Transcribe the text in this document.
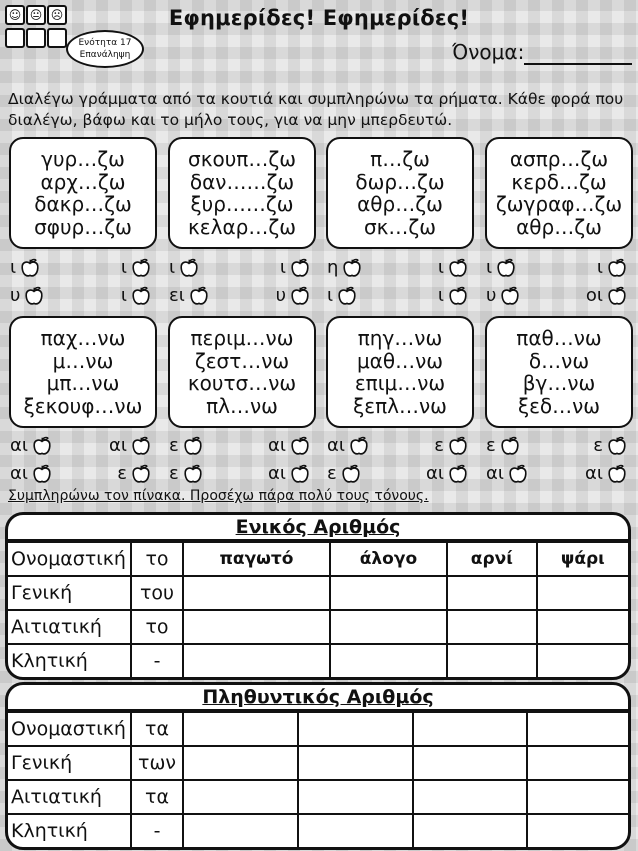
☺ 😐 ☹	Εφημερίδες! Εφημερίδες!
Ενότητα 17
Επανάληψη	Όνομα:
Διαλέγω γράμματα από τα κουτιά και συμπληρώνω τα ρήματα. Κάθε φορά που διαλέγω, βάφω και το μήλο τους, για να μην μπερδευτώ.
γυρ…ζω
αρχ…ζω
δακρ…ζω
σφυρ…ζω
ι	ι
υ	ι
σκουπ…ζω
δαν……ζω
ξυρ……ζω
κελαρ…ζω
ι	ι
ει	υ
π…ζω
δωρ…ζω
αθρ…ζω
σκ…ζω
η	ι
ι	ι
ασπρ…ζω
κερδ…ζω
ζωγραφ…ζω
αθρ…ζω
ι	ι
υ	οι
παχ…νω
μ…νω
μπ…νω
ξεκουφ…νω
αι	αι
αι	ε
περιμ…νω
ζεστ…νω
κουτσ…νω
πλ…νω
ε	αι
ε	αι
πηγ…νω
μαθ…νω
επιμ…νω
ξεπλ…νω
αι	ε
ε	αι
παθ…νω
δ…νω
βγ…νω
ξεδ…νω
ε	ε
αι	αι
Συμπληρώνω τον πίνακα. Προσέχω πάρα πολύ τους τόνους.
Ενικός Αριθμός
Ονομαστική	το	παγωτό	άλογο	αρνί	ψάρι
Γενική	του				
Αιτιατική	το				
Κλητική	-				
Πληθυντικός Αριθμός
Ονομαστική	τα				
Γενική	των				
Αιτιατική	τα				
Κλητική	-				
